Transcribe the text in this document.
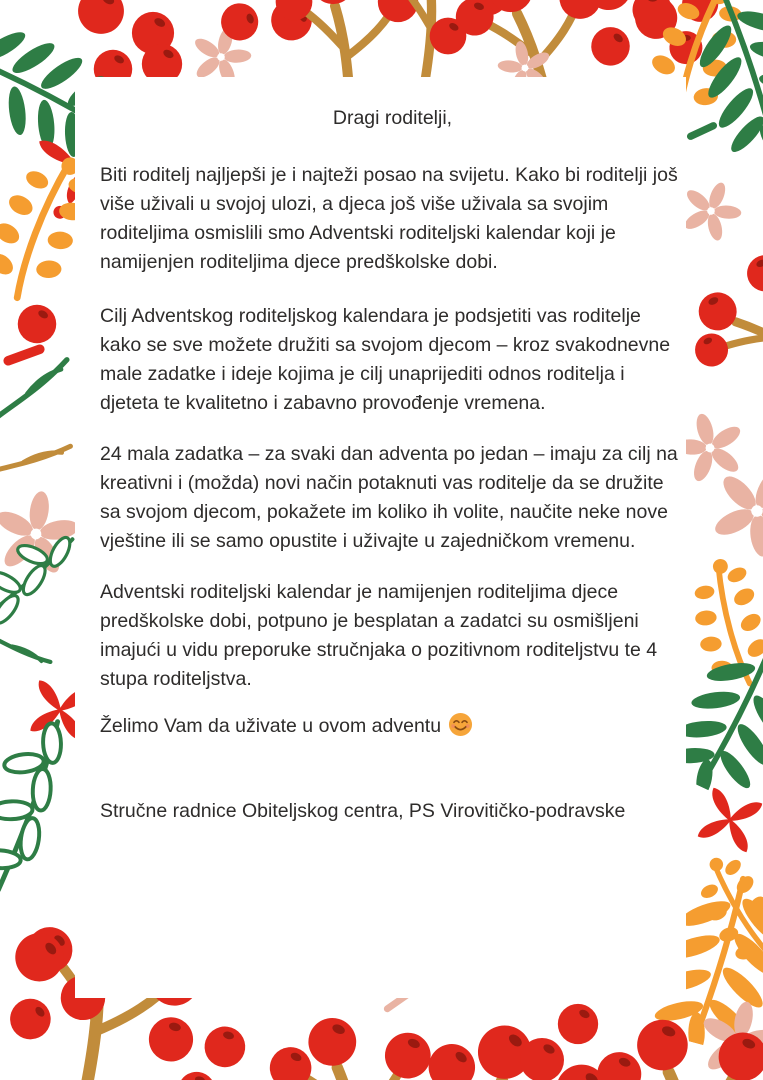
Dragi roditelji,

Biti roditelj najljepši je i najteži posao na svijetu. Kako bi roditelji još više uživali u svojoj ulozi, a djeca još više uživala sa svojim roditeljima osmislili smo Adventski roditeljski kalendar koji je namijenjen roditeljima djece predškolske dobi.

Cilj Adventskog roditeljskog kalendara je podsjetiti vas roditelje kako se sve možete družiti sa svojom djecom – kroz svakodnevne male zadatke i ideje kojima je cilj unaprijediti odnos roditelja i djeteta te kvalitetno i zabavno provođenje vremena.

24 mala zadatka – za svaki dan adventa po jedan – imaju za cilj na kreativni i (možda) novi način potaknuti vas roditelje da se družite sa svojom djecom, pokažete im koliko ih volite, naučite neke nove vještine ili se samo opustite i uživajte u zajedničkom vremenu.

Adventski roditeljski kalendar je namijenjen roditeljima djece predškolske dobi, potpuno je besplatan a zadatci su osmišljeni imajući u vidu preporuke stručnjaka o pozitivnom roditeljstvu te 4 stupa roditeljstva.

Želimo Vam da uživate u ovom adventu

Stručne radnice Obiteljskog centra, PS Virovitičko-podravske
